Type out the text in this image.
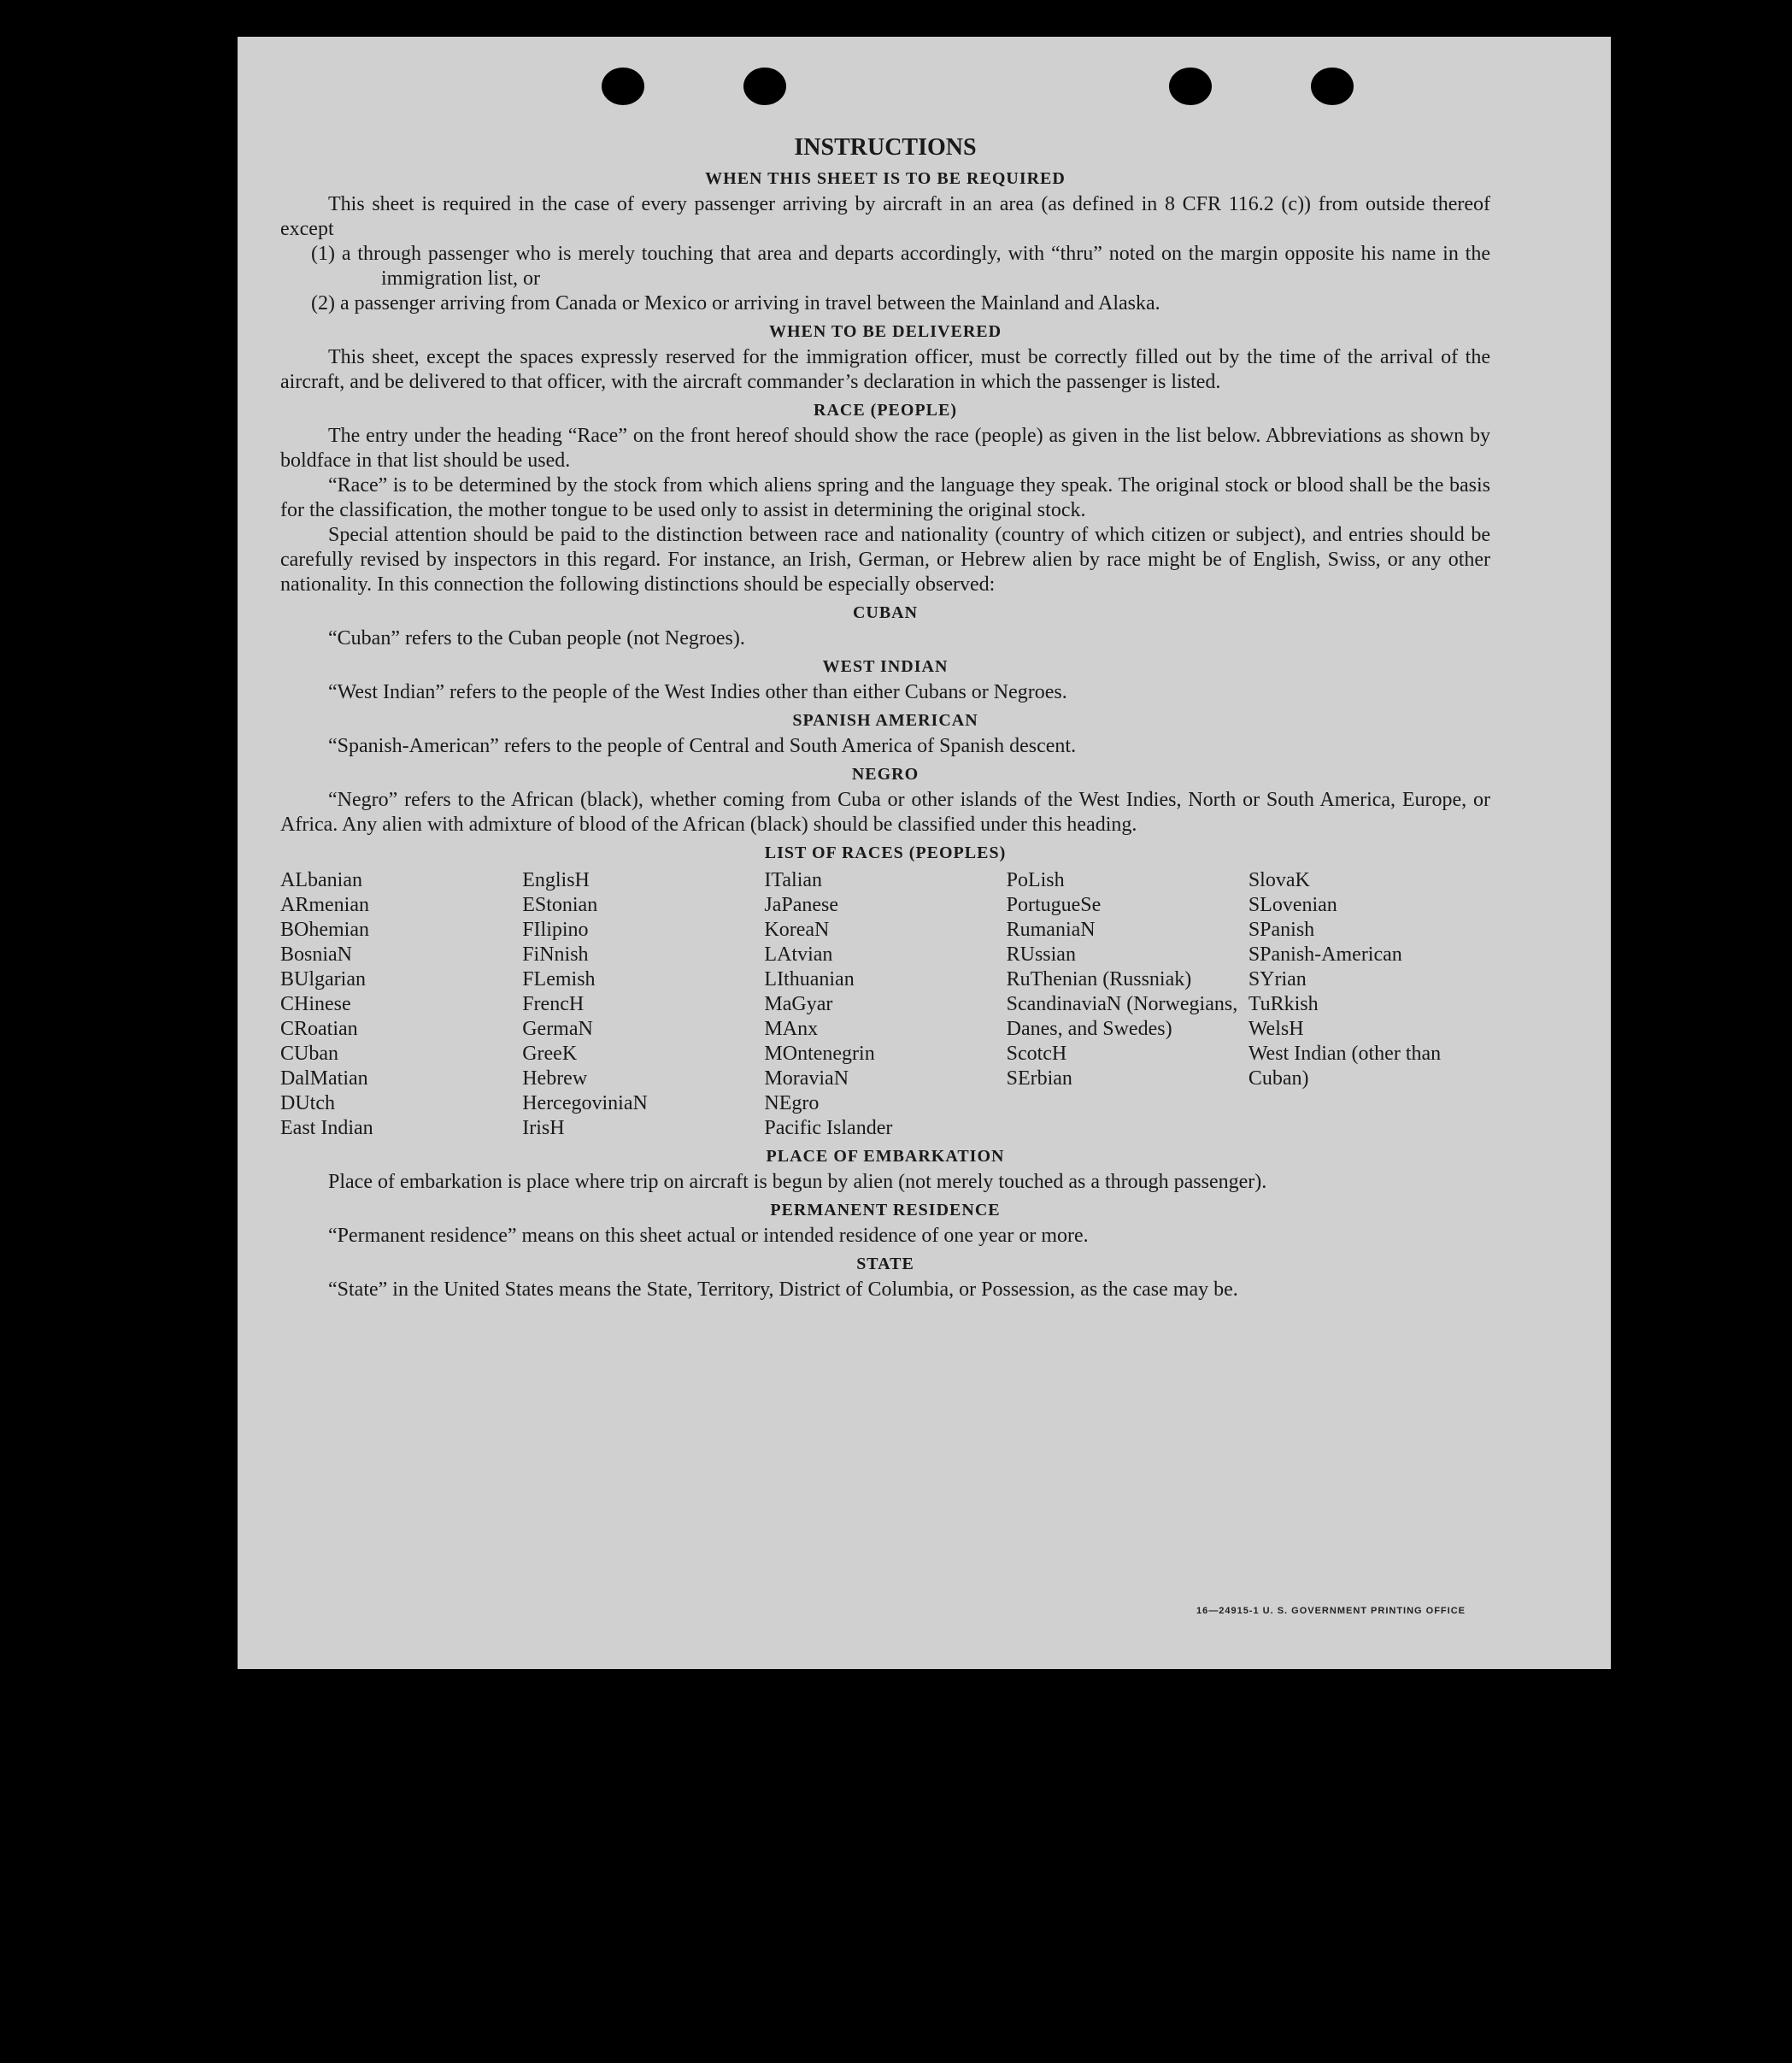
INSTRUCTIONS
WHEN THIS SHEET IS TO BE REQUIRED

This sheet is required in the case of every passenger arriving by aircraft in an area (as defined in 8 CFR 116.2 (c)) from outside thereof except

(1) a through passenger who is merely touching that area and departs accordingly, with “thru” noted on the margin opposite his name in the immigration list, or

(2) a passenger arriving from Canada or Mexico or arriving in travel between the Mainland and Alaska.

WHEN TO BE DELIVERED

This sheet, except the spaces expressly reserved for the immigration officer, must be correctly filled out by the time of the arrival of the aircraft, and be delivered to that officer, with the aircraft commander’s declaration in which the passenger is listed.

RACE (PEOPLE)

The entry under the heading “Race” on the front hereof should show the race (people) as given in the list below. Abbreviations as shown by boldface in that list should be used.

“Race” is to be determined by the stock from which aliens spring and the language they speak. The original stock or blood shall be the basis for the classification, the mother tongue to be used only to assist in determining the original stock.

Special attention should be paid to the distinction between race and nationality (country of which citizen or subject), and entries should be carefully revised by inspectors in this regard. For instance, an Irish, German, or Hebrew alien by race might be of English, Swiss, or any other nationality. In this connection the following distinctions should be especially observed:

CUBAN

“Cuban” refers to the Cuban people (not Negroes).

WEST INDIAN

“West Indian” refers to the people of the West Indies other than either Cubans or Negroes.

SPANISH AMERICAN

“Spanish-American” refers to the people of Central and South America of Spanish descent.

NEGRO

“Negro” refers to the African (black), whether coming from Cuba or other islands of the West Indies, North or South America, Europe, or Africa. Any alien with admixture of blood of the African (black) should be classified under this heading.

LIST OF RACES (PEOPLES)
ALbanian
ARmenian
BOhemian
BosniaN
BUlgarian
CHinese
CRoatian
CUban
DalMatian
DUtch
East Indian
EnglisH
EStonian
FIlipino
FiNnish
FLemish
FrencH
GermaN
GreeK
Hebrew
HercegoviniaN
IrisH
ITalian
JaPanese
KoreaN
LAtvian
LIthuanian
MaGyar
MAnx
MOntenegrin
MoraviaN
NEgro
Pacific Islander
PoLish
PortugueSe
RumaniaN
RUssian
RuThenian (Russniak)
ScandinaviaN (Norwegians, Danes, and Swedes)
ScotcH
SErbian
SlovaK
SLovenian
SPanish
SPanish-American
SYrian
TuRkish
WelsH
West Indian (other than Cuban)
PLACE OF EMBARKATION

Place of embarkation is place where trip on aircraft is begun by alien (not merely touched as a through passenger).

PERMANENT RESIDENCE

“Permanent residence” means on this sheet actual or intended residence of one year or more.

STATE

“State” in the United States means the State, Territory, District of Columbia, or Possession, as the case may be.

16—24915-1 U. S. GOVERNMENT PRINTING OFFICE
